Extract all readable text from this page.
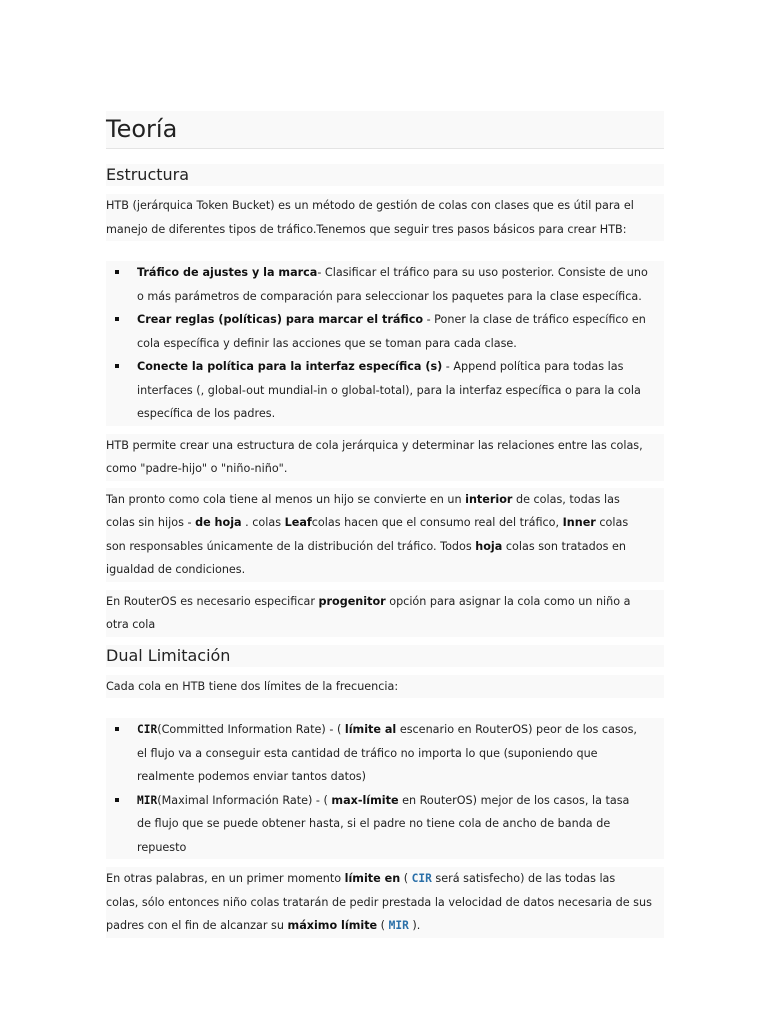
Teoría
Estructura

HTB (jerárquica Token Bucket) es un método de gestión de colas con clases que es útil para el
manejo de diferentes tipos de tráfico.Tenemos que seguir tres pasos básicos para crear HTB:

Tráfico de ajustes y la marca- Clasificar el tráfico para su uso posterior. Consiste de uno
o más parámetros de comparación para seleccionar los paquetes para la clase específica.
Crear reglas (políticas) para marcar el tráfico - Poner la clase de tráfico específico en
cola específica y definir las acciones que se toman para cada clase.
Conecte la política para la interfaz específica (s) - Append política para todas las
interfaces (, global-out mundial-in o global-total), para la interfaz específica o para la cola
específica de los padres.

HTB permite crear una estructura de cola jerárquica y determinar las relaciones entre las colas,
como "padre-hijo" o "niño-niño".

Tan pronto como cola tiene al menos un hijo se convierte en un interior de colas, todas las
colas sin hijos - de hoja . colas Leafcolas hacen que el consumo real del tráfico, Inner colas
son responsables únicamente de la distribución del tráfico. Todos hoja colas son tratados en
igualdad de condiciones.

En RouterOS es necesario especificar progenitor opción para asignar la cola como un niño a
otra cola

Dual Limitación

Cada cola en HTB tiene dos límites de la frecuencia:

CIR(Committed Information Rate) - ( límite al escenario en RouterOS) peor de los casos,
el flujo va a conseguir esta cantidad de tráfico no importa lo que (suponiendo que
realmente podemos enviar tantos datos)
MIR(Maximal Información Rate) - ( max-límite en RouterOS) mejor de los casos, la tasa
de flujo que se puede obtener hasta, si el padre no tiene cola de ancho de banda de
repuesto

En otras palabras, en un primer momento límite en ( CIR será satisfecho) de las todas las
colas, sólo entonces niño colas tratarán de pedir prestada la velocidad de datos necesaria de sus
padres con el fin de alcanzar su máximo límite ( MIR ).
